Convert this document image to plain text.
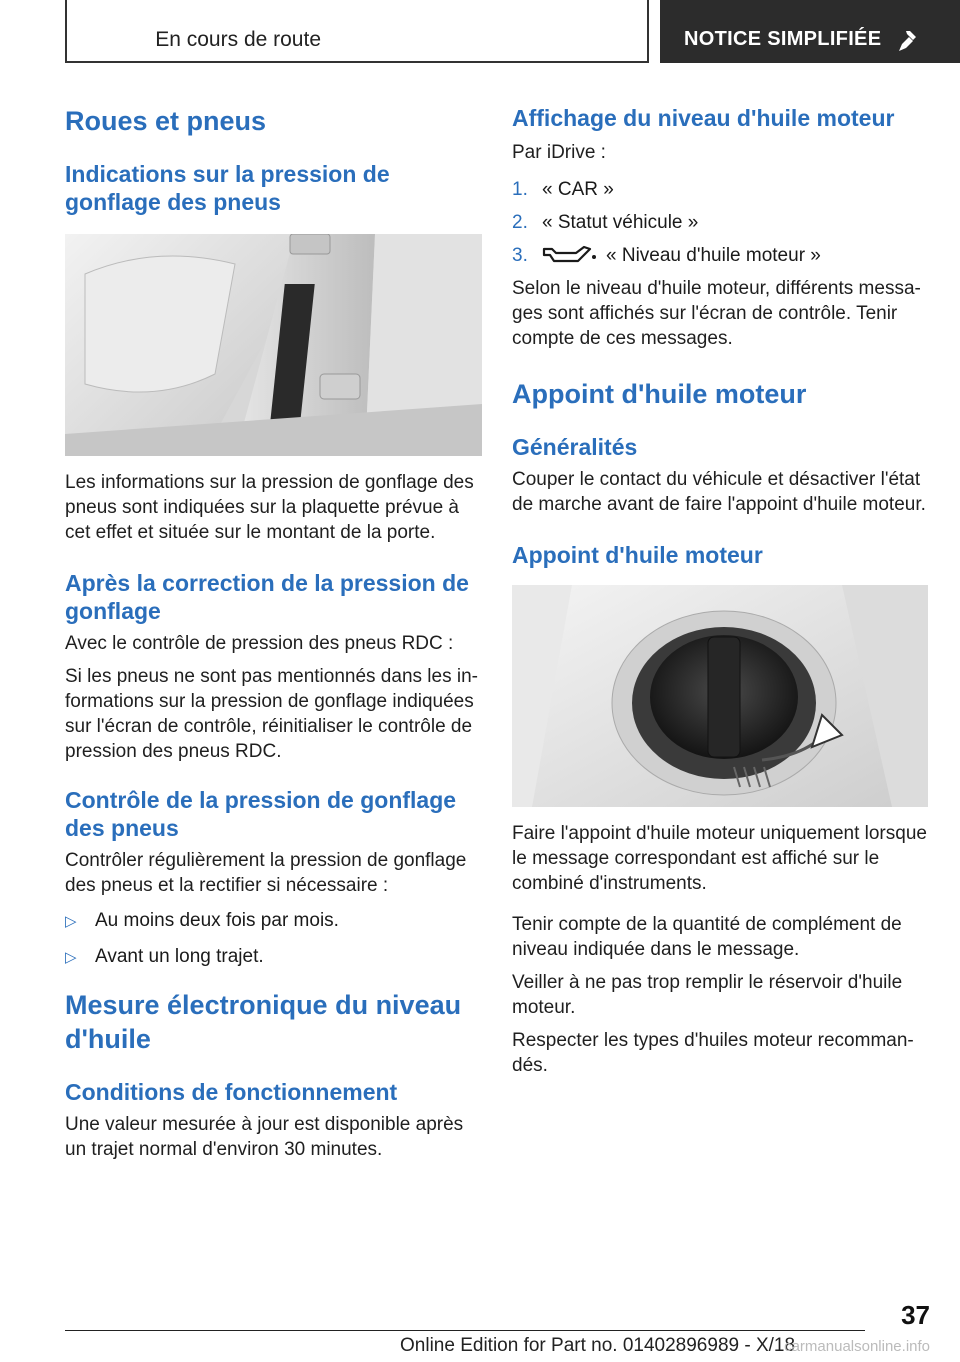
En cours de route	NOTICE SIMPLIFIÉE
Roues et pneus
Indications sur la pression de gonflage des pneus

Les informations sur la pression de gonflage des pneus sont indiquées sur la plaquette prévue à cet effet et située sur le montant de la porte.

Après la correction de la pression de gonflage

Avec le contrôle de pression des pneus RDC :

Si les pneus ne sont pas mentionnés dans les informations sur la pression de gonflage indiquées sur l'écran de contrôle, réinitialiser le contrôle de pression des pneus RDC.

Contrôle de la pression de gonflage des pneus

Contrôler régulièrement la pression de gonflage des pneus et la rectifier si nécessaire :

▷ Au moins deux fois par mois.
▷ Avant un long trajet.
Mesure électronique du niveau d'huile
Conditions de fonctionnement

Une valeur mesurée à jour est disponible après un trajet normal d'environ 30 minutes.

Affichage du niveau d'huile moteur

Par iDrive :

1. « CAR »
2. « Statut véhicule »
3.	« Niveau d'huile moteur »

Selon le niveau d'huile moteur, différents messages sont affichés sur l'écran de contrôle. Tenir compte de ces messages.

Appoint d'huile moteur
Généralités

Couper le contact du véhicule et désactiver l'état de marche avant de faire l'appoint d'huile moteur.

Appoint d'huile moteur

Faire l'appoint d'huile moteur uniquement lorsque le message correspondant est affiché sur le combiné d'instruments.

Tenir compte de la quantité de complément de niveau indiquée dans le message.

Veiller à ne pas trop remplir le réservoir d'huile moteur.

Respecter les types d'huiles moteur recommandés.

37
Online Edition for Part no. 01402896989 - X/18
carmanualsonline.info
